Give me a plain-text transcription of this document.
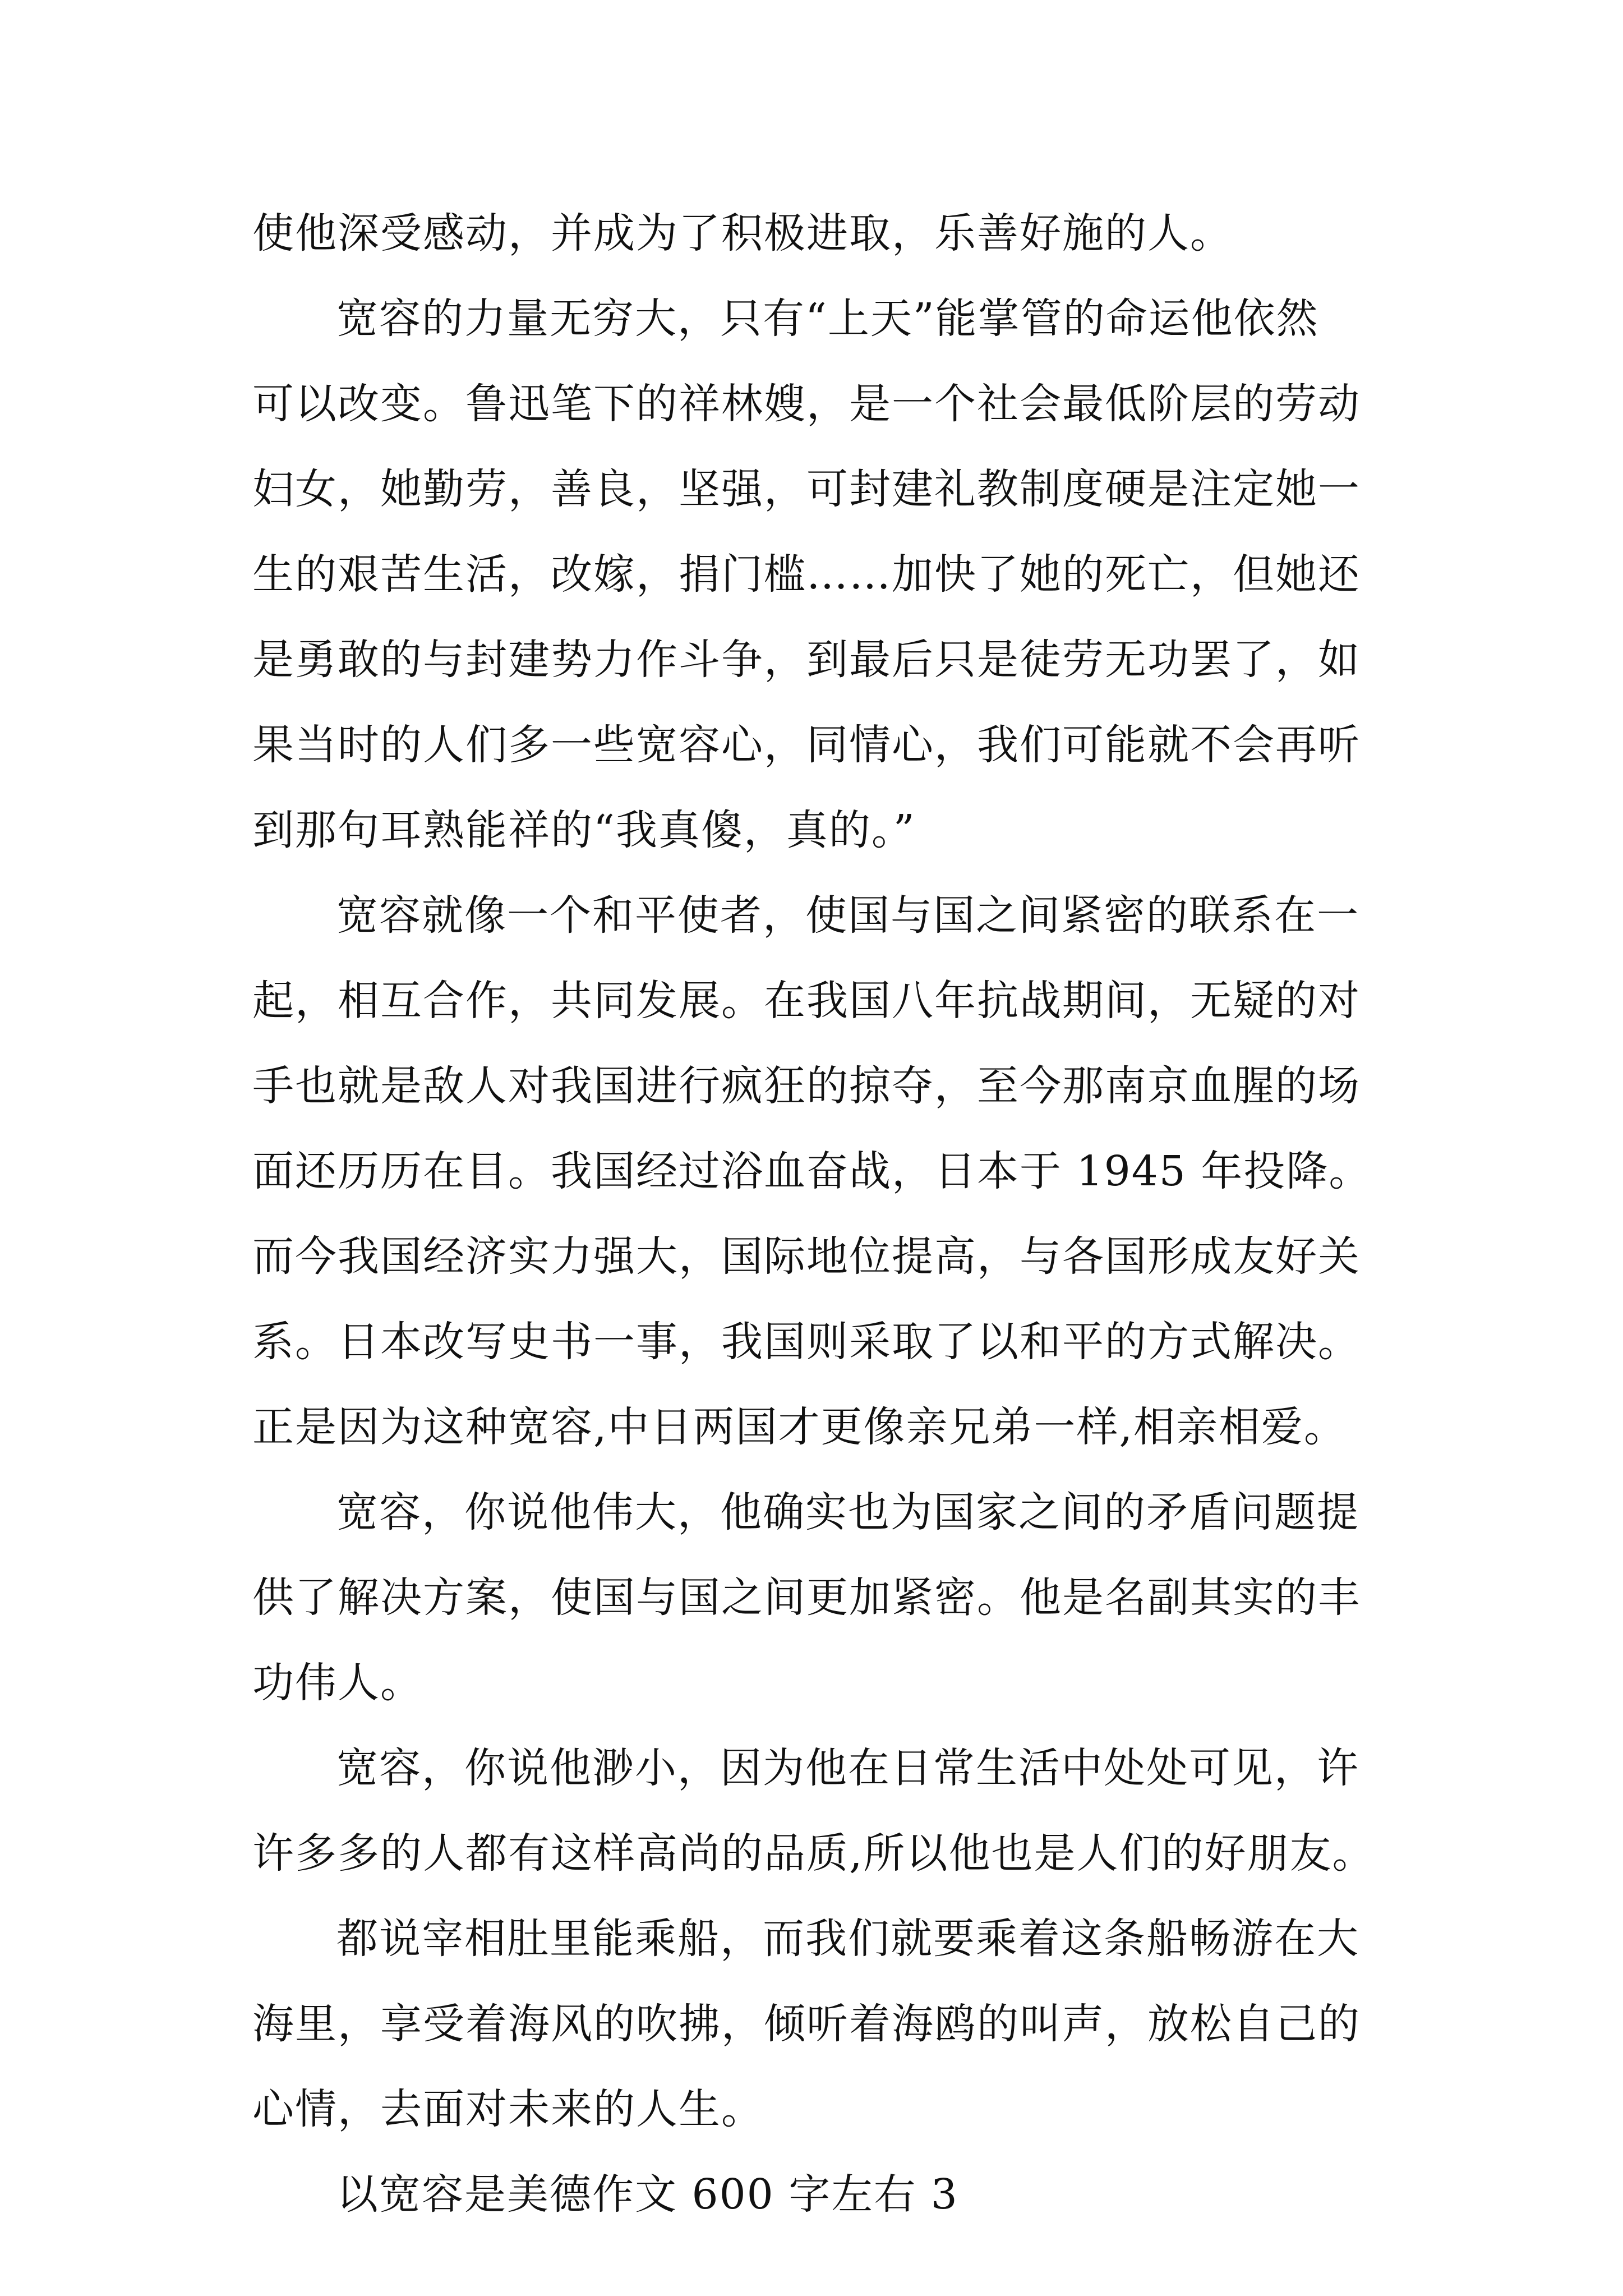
使他深受感动，并成为了积极进取，乐善好施的人。
宽容的力量无穷大，只有“上天”能掌管的命运他依然
可以改变。鲁迅笔下的祥林嫂，是一个社会最低阶层的劳动
妇女，她勤劳，善良，坚强，可封建礼教制度硬是注定她一
生的艰苦生活，改嫁，捐门槛……加快了她的死亡，但她还
是勇敢的与封建势力作斗争，到最后只是徒劳无功罢了，如
果当时的人们多一些宽容心，同情心，我们可能就不会再听
到那句耳熟能祥的“我真傻，真的。”
宽容就像一个和平使者，使国与国之间紧密的联系在一
起，相互合作，共同发展。在我国八年抗战期间，无疑的对
手也就是敌人对我国进行疯狂的掠夺，至今那南京血腥的场
面还历历在目。我国经过浴血奋战，日本于 1945 年投降。
而今我国经济实力强大，国际地位提高，与各国形成友好关
系。日本改写史书一事，我国则采取了以和平的方式解决。
正是因为这种宽容,中日两国才更像亲兄弟一样,相亲相爱。
宽容，你说他伟大，他确实也为国家之间的矛盾问题提
供了解决方案，使国与国之间更加紧密。他是名副其实的丰
功伟人。
宽容，你说他渺小，因为他在日常生活中处处可见，许
许多多的人都有这样高尚的品质,所以他也是人们的好朋友。
都说宰相肚里能乘船，而我们就要乘着这条船畅游在大
海里，享受着海风的吹拂，倾听着海鸥的叫声，放松自己的
心情，去面对未来的人生。
以宽容是美德作文 600 字左右 3
